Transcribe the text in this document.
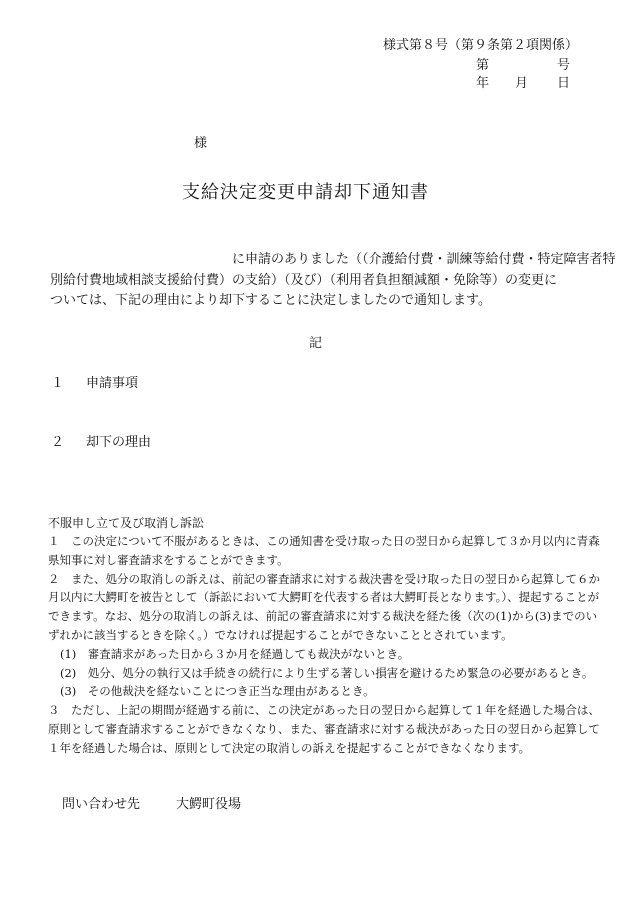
様式第８号（第９条第２項関係）
第	号
年 月 日
様
支給決定変更申請却下通知書
　　　　　　　　　　　　　　に申請のありました（（介護給付費・訓練等給付費・特定障害者特
別給付費地域相談支援給付費）の支給）（及び）（利用者負担額減額・免除等）の変更に
ついては、下記の理由により却下することに決定しましたので通知します。
記
１ 申請事項
２ 却下の理由
不服申し立て及び取消し訴訟
１　この決定について不服があるときは、この通知書を受け取った日の翌日から起算して３か月以内に青森
県知事に対し審査請求をすることができます。
２　また、処分の取消しの訴えは、前記の審査請求に対する裁決書を受け取った日の翌日から起算して６か
月以内に大鰐町を被告として（訴訟において大鰐町を代表する者は大鰐町長となります。）、提起することが
できます。なお、処分の取消しの訴えは、前記の審査請求に対する裁決を経た後（次の(1)から(3)までのい
ずれかに該当するときを除く。）でなければ提起することができないこととされています。
(1)　審査請求があった日から３か月を経過しても裁決がないとき。
(2)　処分、処分の執行又は手続きの続行により生ずる著しい損害を避けるため緊急の必要があるとき。
(3)　その他裁決を経ないことにつき正当な理由があるとき。
３　ただし、上記の期間が経過する前に、この決定があった日の翌日から起算して１年を経過した場合は、
原則として審査請求することができなくなり、また、審査請求に対する裁決があった日の翌日から起算して
１年を経過した場合は、原則として決定の取消しの訴えを提起することができなくなります。
問い合わせ先	大鰐町役場
